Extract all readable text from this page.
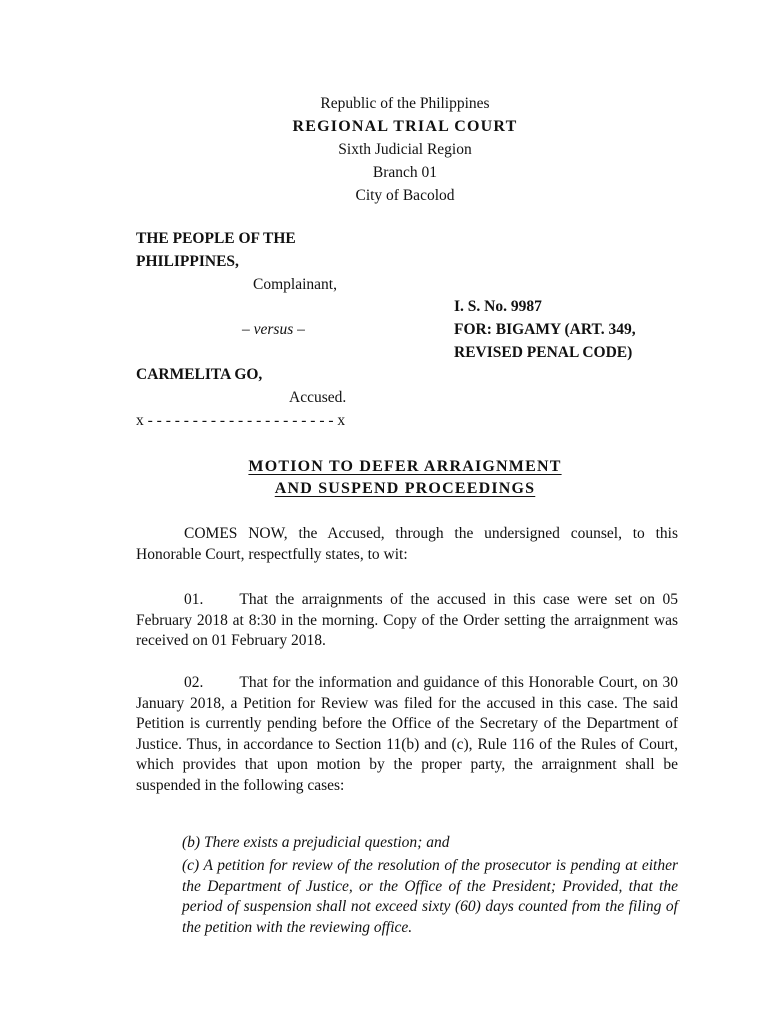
Republic of the Philippines
REGIONAL TRIAL COURT
Sixth Judicial Region
Branch 01
City of Bacolod
THE PEOPLE OF THE
PHILIPPINES,
Complainant,
I. S. No. 9987
– versus –	FOR: BIGAMY (ART. 349,
REVISED PENAL CODE)
CARMELITA GO,
Accused.
x - - - - - - - - - - - - - - - - - - - - - x
MOTION TO DEFER ARRAIGNMENT
AND SUSPEND PROCEEDINGS
COMES NOW, the Accused, through the undersigned counsel, to this Honorable Court, respectfully states, to wit:
01. That the arraignments of the accused in this case were set on 05 February 2018 at 8:30 in the morning. Copy of the Order setting the arraignment was received on 01 February 2018.
02. That for the information and guidance of this Honorable Court, on 30 January 2018, a Petition for Review was filed for the accused in this case. The said Petition is currently pending before the Office of the Secretary of the Department of Justice. Thus, in accordance to Section 11(b) and (c), Rule 116 of the Rules of Court, which provides that upon motion by the proper party, the arraignment shall be suspended in the following cases:
(b) There exists a prejudicial question; and
(c) A petition for review of the resolution of the prosecutor is pending at either the Department of Justice, or the Office of the President; Provided, that the period of suspension shall not exceed sixty (60) days counted from the filing of the petition with the reviewing office.
